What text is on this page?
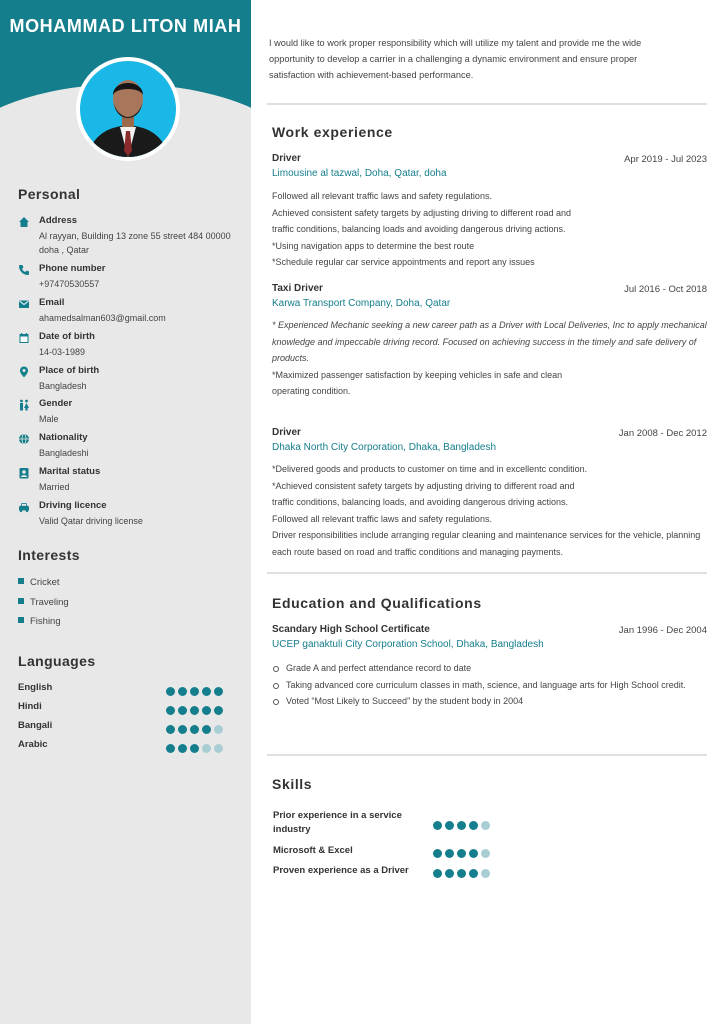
MOHAMMAD LITON MIAH
Personal
Address
Al rayyan, Building 13 zone 55 street 484 00000 doha , Qatar
Phone number
+97470530557
Email
ahamedsalman603@gmail.com
Date of birth
14-03-1989
Place of birth
Bangladesh
Gender
Male
Nationality
Bangladeshi
Marital status
Married
Driving licence
Valid Qatar driving license
Interests
Cricket
Traveling
Fishing
Languages
English
Hindi
Bangali
Arabic
I would like to work proper responsibility which will utilize my talent and provide me the wide opportunity to develop a carrier in a challenging a dynamic environment and ensure proper satisfaction with achievement-based performance.
Work experience
Driver	Apr 2019 - Jul 2023
Limousine al tazwal, Doha, Qatar, doha
Followed all relevant traffic laws and safety regulations.
Achieved consistent safety targets by adjusting driving to different road and
traffic conditions, balancing loads and avoiding dangerous driving actions.
*Using navigation apps to determine the best route
*Schedule regular car service appointments and report any issues
Taxi Driver	Jul 2016 - Oct 2018
Karwa Transport Company, Doha, Qatar
* Experienced Mechanic seeking a new career path as a Driver with Local Deliveries, Inc to apply mechanical knowledge and impeccable driving record. Focused on achieving success in the timely and safe delivery of products.
*Maximized passenger satisfaction by keeping vehicles in safe and clean
operating condition.
Driver	Jan 2008 - Dec 2012
Dhaka North City Corporation, Dhaka, Bangladesh
*Delivered goods and products to customer on time and in excellentc condition.
*Achieved consistent safety targets by adjusting driving to different road and
traffic conditions, balancing loads, and avoiding dangerous driving actions.
Followed all relevant traffic laws and safety regulations.
Driver responsibilities include arranging regular cleaning and maintenance services for the vehicle, planning each route based on road and traffic conditions and managing payments.
Education and Qualifications
Scandary High School Certificate	Jan 1996 - Dec 2004
UCEP ganaktuli City Corporation School, Dhaka, Bangladesh
Grade A and perfect attendance record to date
Taking advanced core curriculum classes in math, science, and language arts for High School credit.
Voted “Most Likely to Succeed” by the student body in 2004
Skills
Prior experience in a service industry
Microsoft & Excel
Proven experience as a Driver
